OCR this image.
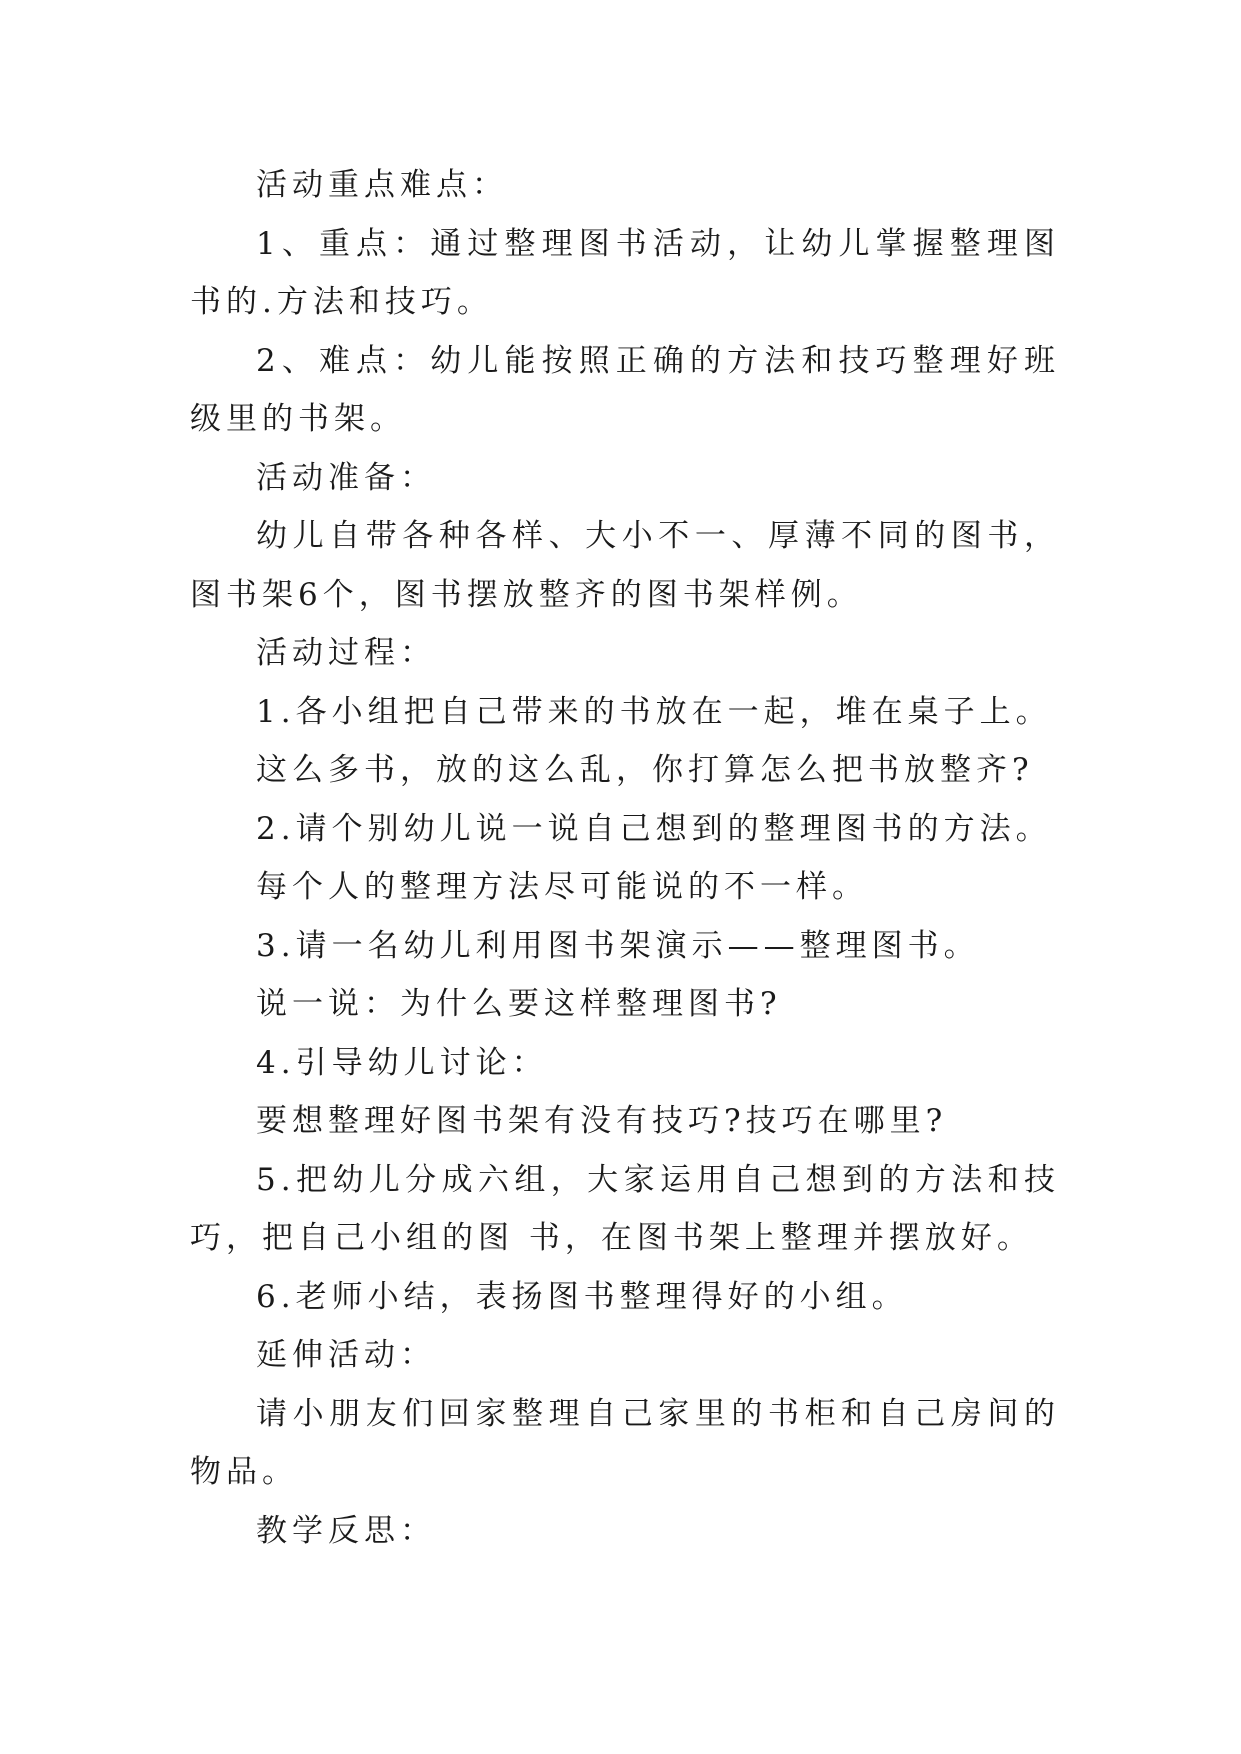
活动重点难点：

1、重点：通过整理图书活动，让幼儿掌握整理图书的.方法和技巧。

2、难点：幼儿能按照正确的方法和技巧整理好班级里的书架。

活动准备：

幼儿自带各种各样、大小不一、厚薄不同的图书，图书架6个，图书摆放整齐的图书架样例。

活动过程：

1.各小组把自己带来的书放在一起，堆在桌子上。

这么多书，放的这么乱，你打算怎么把书放整齐?

2.请个别幼儿说一说自己想到的整理图书的方法。

每个人的整理方法尽可能说的不一样。

3.请一名幼儿利用图书架演示——整理图书。

说一说：为什么要这样整理图书?

4.引导幼儿讨论：

要想整理好图书架有没有技巧?技巧在哪里?

5.把幼儿分成六组，大家运用自己想到的方法和技巧，把自己小组的图 书，在图书架上整理并摆放好。

6.老师小结，表扬图书整理得好的小组。

延伸活动：

请小朋友们回家整理自己家里的书柜和自己房间的物品。

教学反思：
